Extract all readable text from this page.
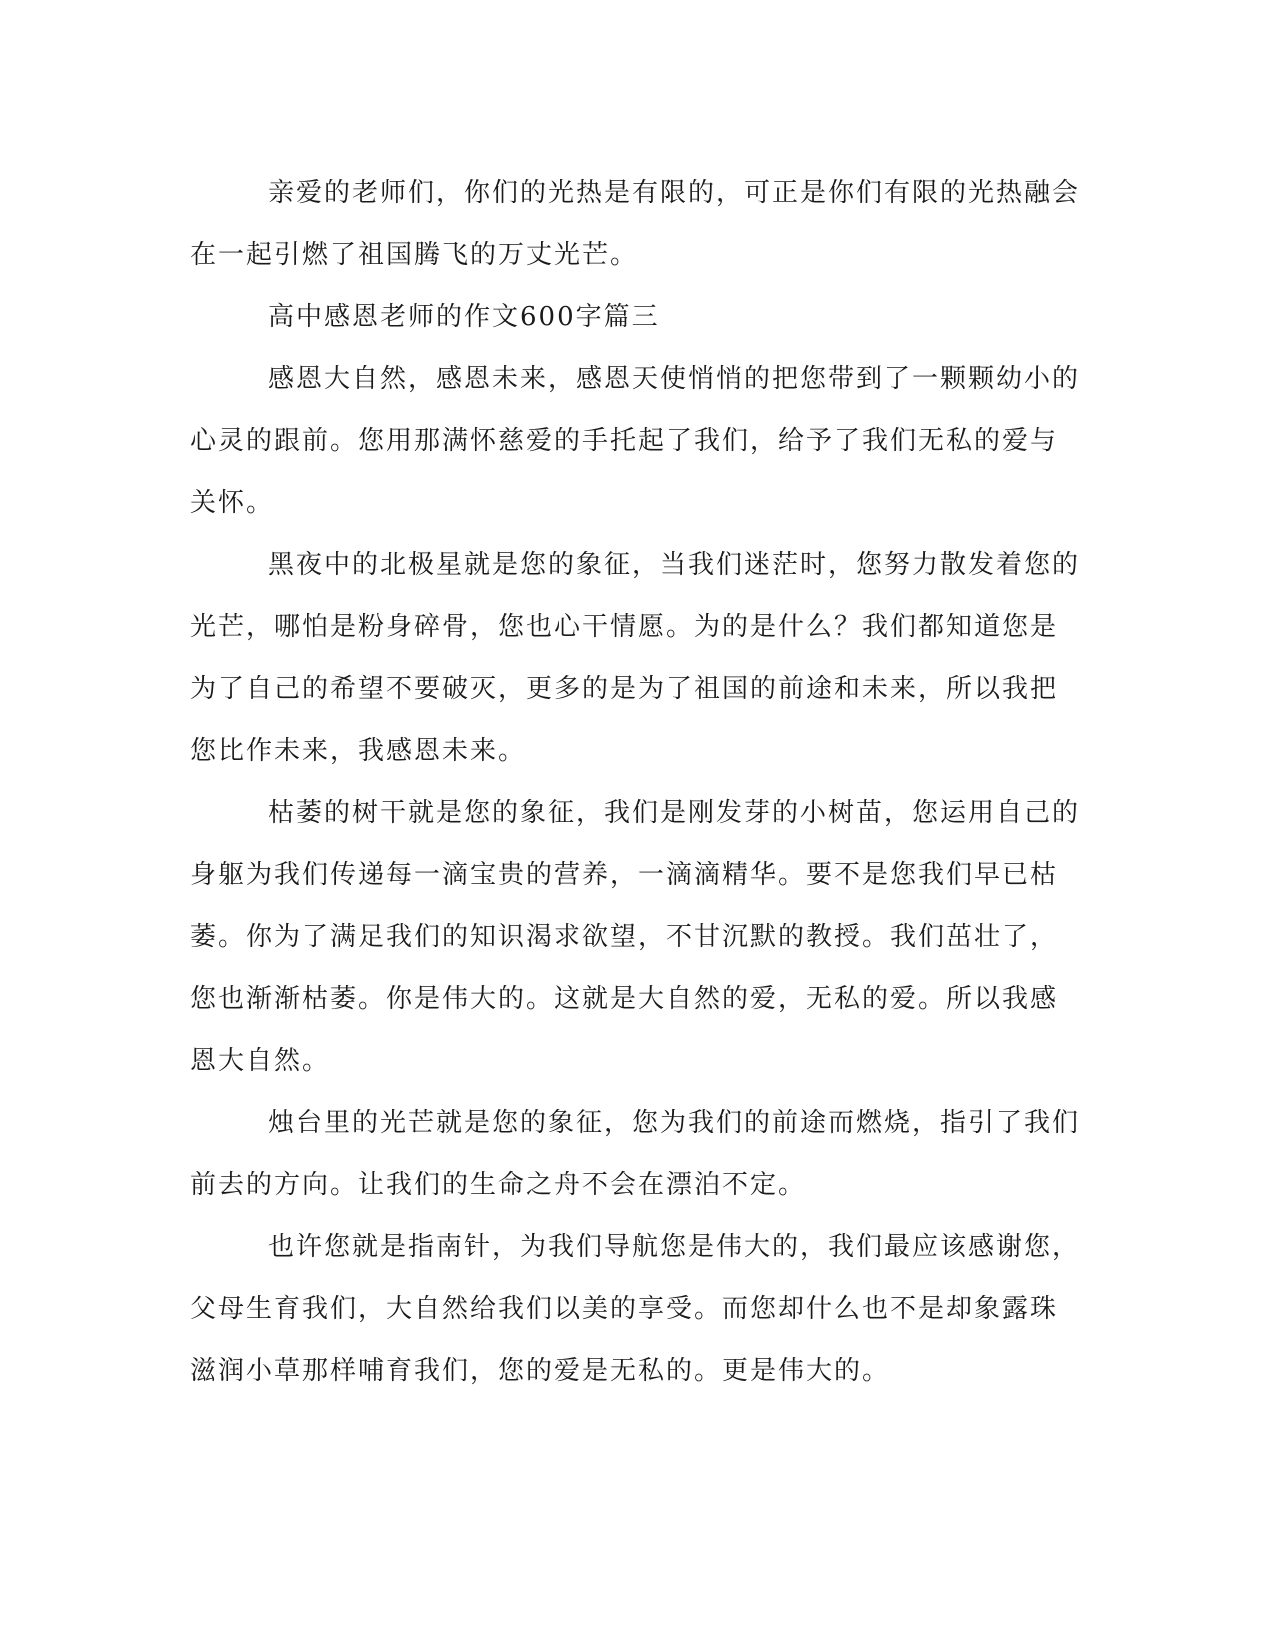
亲爱的老师们，你们的光热是有限的，可正是你们有限的光热融会在一起引燃了祖国腾飞的万丈光芒。

高中感恩老师的作文600字篇三

感恩大自然，感恩未来，感恩天使悄悄的把您带到了一颗颗幼小的心灵的跟前。您用那满怀慈爱的手托起了我们，给予了我们无私的爱与关怀。

黑夜中的北极星就是您的象征，当我们迷茫时，您努力散发着您的光芒，哪怕是粉身碎骨，您也心干情愿。为的是什么？我们都知道您是为了自己的希望不要破灭，更多的是为了祖国的前途和未来，所以我把您比作未来，我感恩未来。

枯萎的树干就是您的象征，我们是刚发芽的小树苗，您运用自己的身躯为我们传递每一滴宝贵的营养，一滴滴精华。要不是您我们早已枯萎。你为了满足我们的知识渴求欲望，不甘沉默的教授。我们茁壮了，您也渐渐枯萎。你是伟大的。这就是大自然的爱，无私的爱。所以我感恩大自然。

烛台里的光芒就是您的象征，您为我们的前途而燃烧，指引了我们前去的方向。让我们的生命之舟不会在漂泊不定。

也许您就是指南针，为我们导航您是伟大的，我们最应该感谢您，父母生育我们，大自然给我们以美的享受。而您却什么也不是却象露珠滋润小草那样哺育我们，您的爱是无私的。更是伟大的。
